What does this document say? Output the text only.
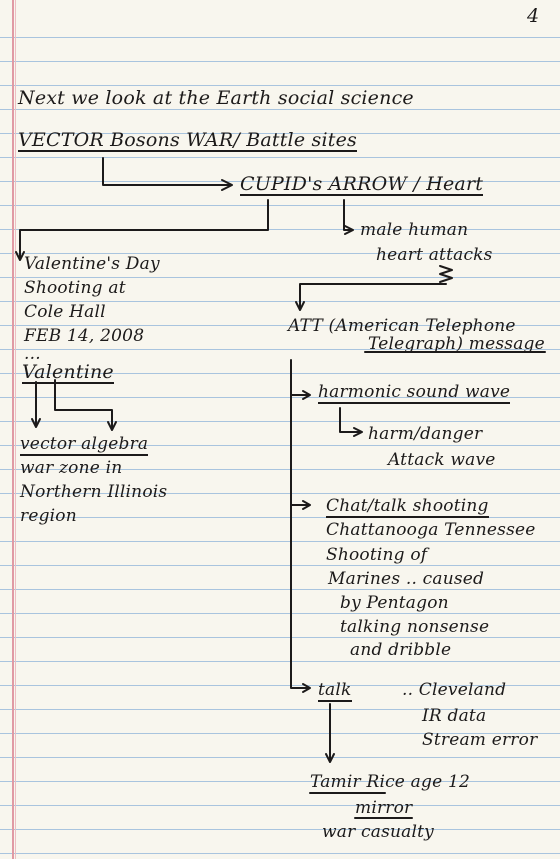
4
Next we look at the Earth social science
VECTOR Bosons WAR/ Battle sites
CUPID's ARROW / Heart
male human
heart attacks
ATT (American Telephone
Telegraph) message
harmonic sound wave
harm/danger
Attack wave
Chat/talk shooting
Chattanooga Tennessee
Shooting of
Marines .. caused
by Pentagon
talking nonsense
and dribble
talk	.. Cleveland
IR data
Stream error
Tamir Rice age 12
mirror
war casualty
Valentine's Day
Shooting at
Cole Hall
FEB 14, 2008
...
Valentine
vector algebra
war zone in
Northern Illinois
region
